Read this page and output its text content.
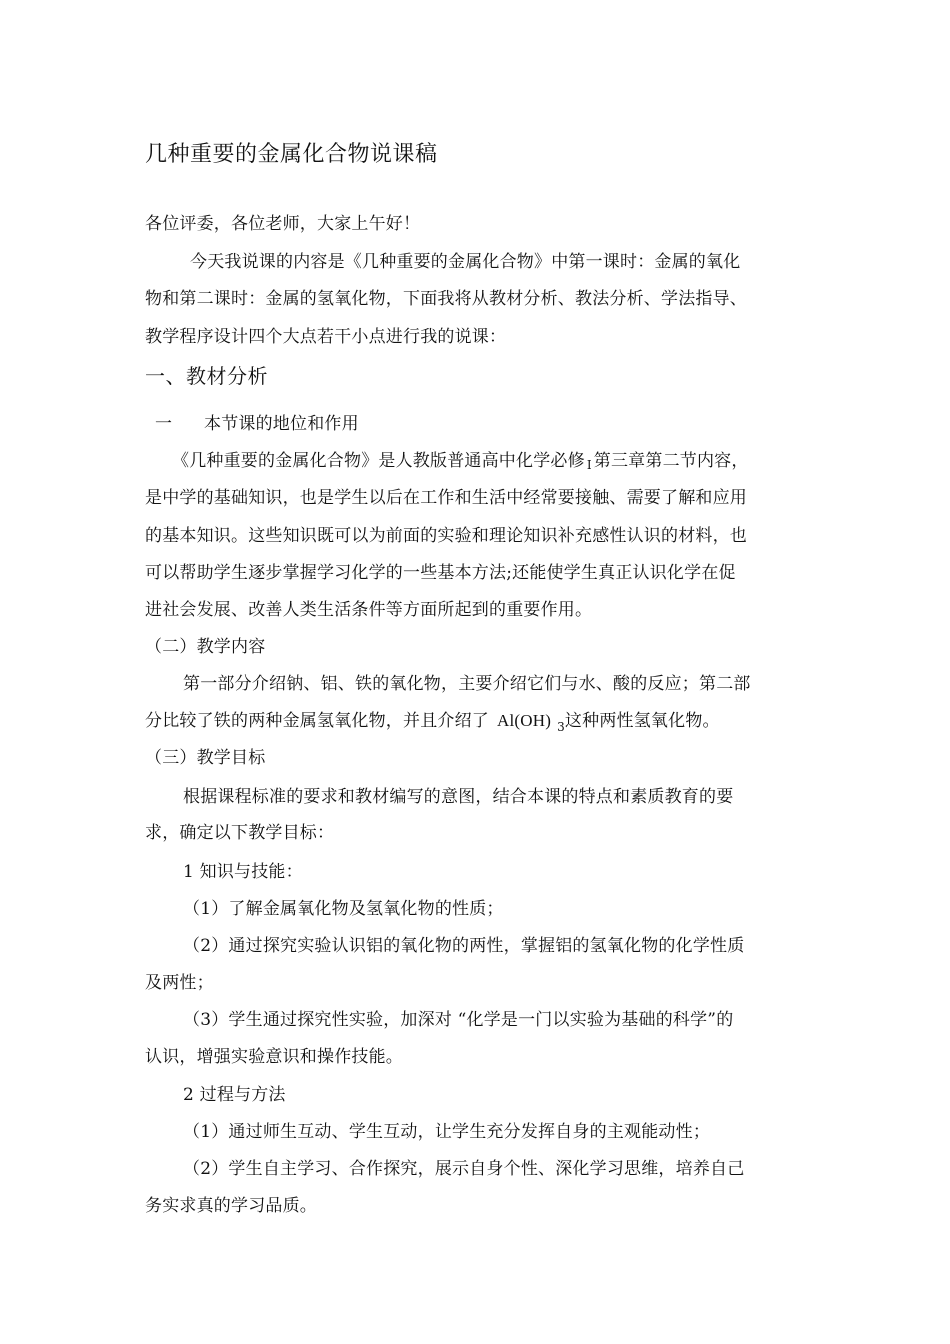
几种重要的金属化合物说课稿
各位评委，各位老师，大家上午好！
今天我说课的内容是《几种重要的金属化合物》中第一课时：金属的氧化
物和第二课时：金属的氢氧化物，下面我将从教材分析、教法分析、学法指导、
教学程序设计四个大点若干小点进行我的说课：
一、教材分析
一 本节课的地位和作用
《几种重要的金属化合物》是人教版普通高中化学必修 I 第三章第二节内容，
是中学的基础知识，也是学生以后在工作和生活中经常要接触、需要了解和应用
的基本知识。这些知识既可以为前面的实验和理论知识补充感性认识的材料，也
可以帮助学生逐步掌握学习化学的一些基本方法;还能使学生真正认识化学在促
进社会发展、改善人类生活条件等方面所起到的重要作用。
（二）教学内容
第一部分介绍钠、铝、铁的氧化物，主要介绍它们与水、酸的反应；第二部
分比较了铁的两种金属氢氧化物，并且介绍了 Al(OH) $_3$这种两性氢氧化物。
（三）教学目标
根据课程标准的要求和教材编写的意图，结合本课的特点和素质教育的要
求，确定以下教学目标：
1 知识与技能：
（1）了解金属氧化物及氢氧化物的性质；
（2）通过探究实验认识铝的氧化物的两性，掌握铝的氢氧化物的化学性质
及两性；
（3）学生通过探究性实验，加深对 “化学是一门以实验为基础的科学”的
认识，增强实验意识和操作技能。
2 过程与方法
（1）通过师生互动、学生互动，让学生充分发挥自身的主观能动性；
（2）学生自主学习、合作探究，展示自身个性、深化学习思维，培养自己
务实求真的学习品质。
